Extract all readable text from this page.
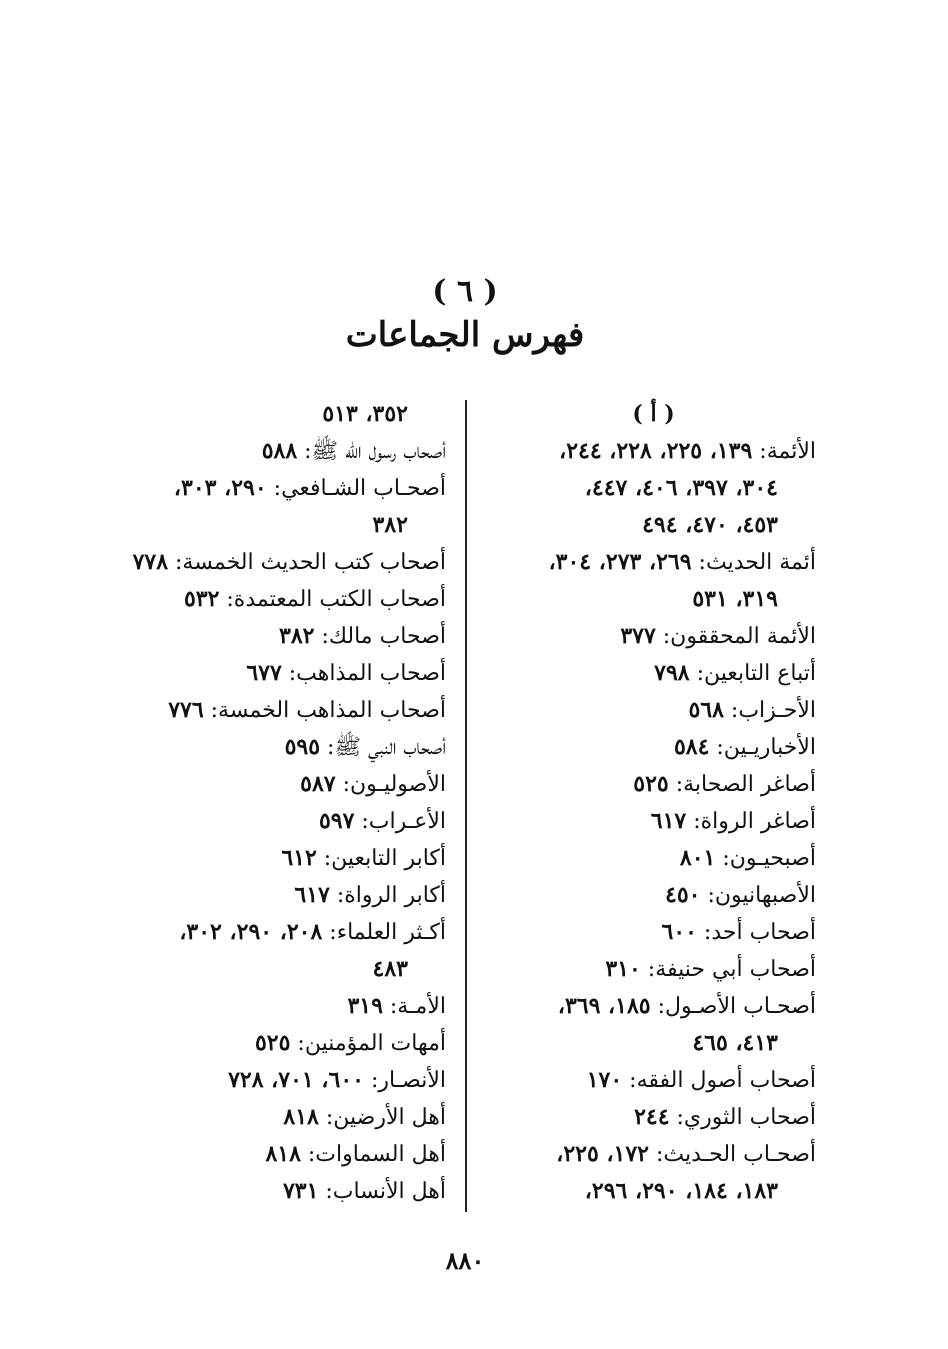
( ٦ )
فهرس الجماعات
( أ )
الأئمة: ١٣٩، ٢٢٥، ٢٢٨، ٢٤٤،
٣٠٤، ٣٩٧، ٤٠٦، ٤٤٧،
٤٥٣، ٤٧٠، ٤٩٤
أئمة الحديث: ٢٦٩، ٢٧٣، ٣٠٤،
٣١٩، ٥٣١
الأئمة المحققون: ٣٧٧
أتباع التابعين: ٧٩٨
الأحـزاب: ٥٦٨
الأخباريـين: ٥٨٤
أصاغر الصحابة: ٥٢٥
أصاغر الرواة: ٦١٧
أصبحيـون: ٨٠١
الأصبهانيون: ٤٥٠
أصحاب أحد: ٦٠٠
أصحاب أبي حنيفة: ٣١٠
أصحـاب الأصـول: ١٨٥، ٣٦٩،
٤١٣، ٤٦٥
أصحاب أصول الفقه: ١٧٠
أصحاب الثوري: ٢٤٤
أصحـاب الحـديث: ١٧٢، ٢٢٥،
١٨٣، ١٨٤، ٢٩٠، ٢٩٦،
٣٥٢، ٥١٣
أصحاب رسول الله ﷺ: ٥٨٨
أصحـاب الشـافعي: ٢٩٠، ٣٠٣،
٣٨٢
أصحاب كتب الحديث الخمسة: ٧٧٨
أصحاب الكتب المعتمدة: ٥٣٢
أصحاب مالك: ٣٨٢
أصحاب المذاهب: ٦٧٧
أصحاب المذاهب الخمسة: ٧٧٦
أصحاب النبي ﷺ: ٥٩٥
الأصوليـون: ٥٨٧
الأعـراب: ٥٩٧
أكابر التابعين: ٦١٢
أكابر الرواة: ٦١٧
أكـثر العلماء: ٢٠٨، ٢٩٠، ٣٠٢،
٤٨٣
الأمـة: ٣١٩
أمهات المؤمنين: ٥٢٥
الأنصـار: ٦٠٠، ٧٠١، ٧٢٨
أهل الأرضين: ٨١٨
أهل السماوات: ٨١٨
أهل الأنساب: ٧٣١
٨٨٠
